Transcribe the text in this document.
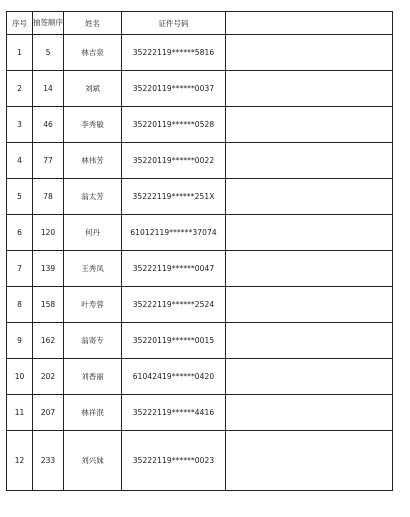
序号	抽签顺序	姓名	证件号码	
1	5	林吉泉	35222119******5816	
2	14	刘斌	35220119******0037	
3	46	李秀敏	35220119******0528	
4	77	林伟芳	35220119******0022	
5	78	翁太芳	35222119******251X	
6	120	何丹	61012119******37074	
7	139	王秀凤	35222119******0047	
8	158	叶寿蓉	35222119******2524	
9	162	翁寄专	35220119******0015	
10	202	刘香丽	61042419******0420	
11	207	林祥泯	35222119******4416	
12	233	刘兴妹	35222119******0023	
